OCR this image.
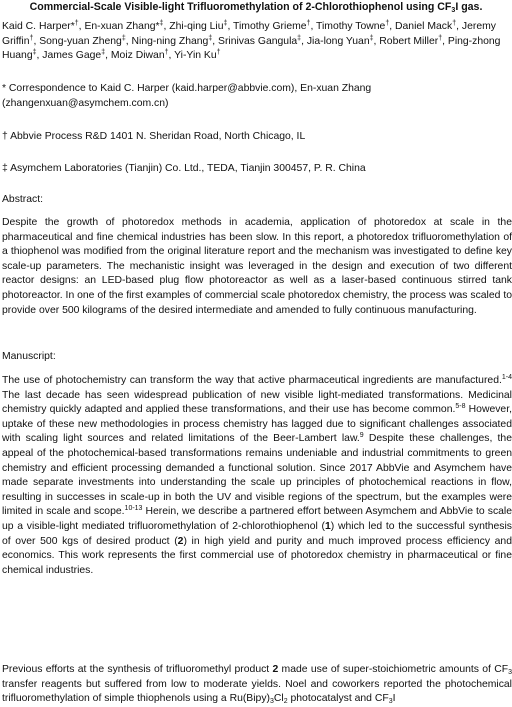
Commercial-Scale Visible-light Trifluoromethylation of 2-Chlorothiophenol using $CF_3I$ gas.
Kaid C. Harper*†, En-xuan Zhang*‡, Zhi-qing Liu‡, Timothy Grieme†, Timothy Towne†, Daniel Mack†, Jeremy Griffin†, Song-yuan Zheng‡, Ning-ning Zhang‡, Srinivas Gangula‡, Jia-long Yuan‡, Robert Miller†, Ping-zhong Huang‡, James Gage‡, Moiz Diwan†, Yi-Yin Ku†
* Correspondence to Kaid C. Harper (kaid.harper@abbvie.com), En-xuan Zhang (zhangenxuan@asymchem.com.cn)
† Abbvie Process R&D 1401 N. Sheridan Road, North Chicago, IL
‡ Asymchem Laboratories (Tianjin) Co. Ltd., TEDA, Tianjin 300457, P. R. China
Abstract:
Despite the growth of photoredox methods in academia, application of photoredox at scale in the pharmaceutical and fine chemical industries has been slow. In this report, a photoredox trifluoromethylation of a thiophenol was modified from the original literature report and the mechanism was investigated to define key scale-up parameters. The mechanistic insight was leveraged in the design and execution of two different reactor designs: an LED-based plug flow photoreactor as well as a laser-based continuous stirred tank photoreactor. In one of the first examples of commercial scale photoredox chemistry, the process was scaled to provide over 500 kilograms of the desired intermediate and amended to fully continuous manufacturing.
Manuscript:
The use of photochemistry can transform the way that active pharmaceutical ingredients are manufactured.$^{1-4}$ The last decade has seen widespread publication of new visible light-mediated transformations. Medicinal chemistry quickly adapted and applied these transformations, and their use has become common.$^{5-8}$ However, uptake of these new methodologies in process chemistry has lagged due to significant challenges associated with scaling light sources and related limitations of the Beer-Lambert law.$^9$ Despite these challenges, the appeal of the photochemical-based transformations remains undeniable and industrial commitments to green chemistry and efficient processing demanded a functional solution. Since 2017 AbbVie and Asymchem have made separate investments into understanding the scale up principles of photochemical reactions in flow, resulting in successes in scale-up in both the UV and visible regions of the spectrum, but the examples were limited in scale and scope.$^{10-13}$ Herein, we describe a partnered effort between Asymchem and AbbVie to scale up a visible-light mediated trifluoromethylation of 2-chlorothiophenol (1) which led to the successful synthesis of over 500 kgs of desired product (2) in high yield and purity and much improved process efficiency and economics. This work represents the first commercial use of photoredox chemistry in pharmaceutical or fine chemical industries.
Previous efforts at the synthesis of trifluoromethyl product 2 made use of super-stoichiometric amounts of $CF_3$ transfer reagents but suffered from low to moderate yields. Noel and coworkers reported the photochemical trifluoromethylation of simple thiophenols using a $Ru(Bipy)_3Cl_2$ photocatalyst and $CF_3I$
